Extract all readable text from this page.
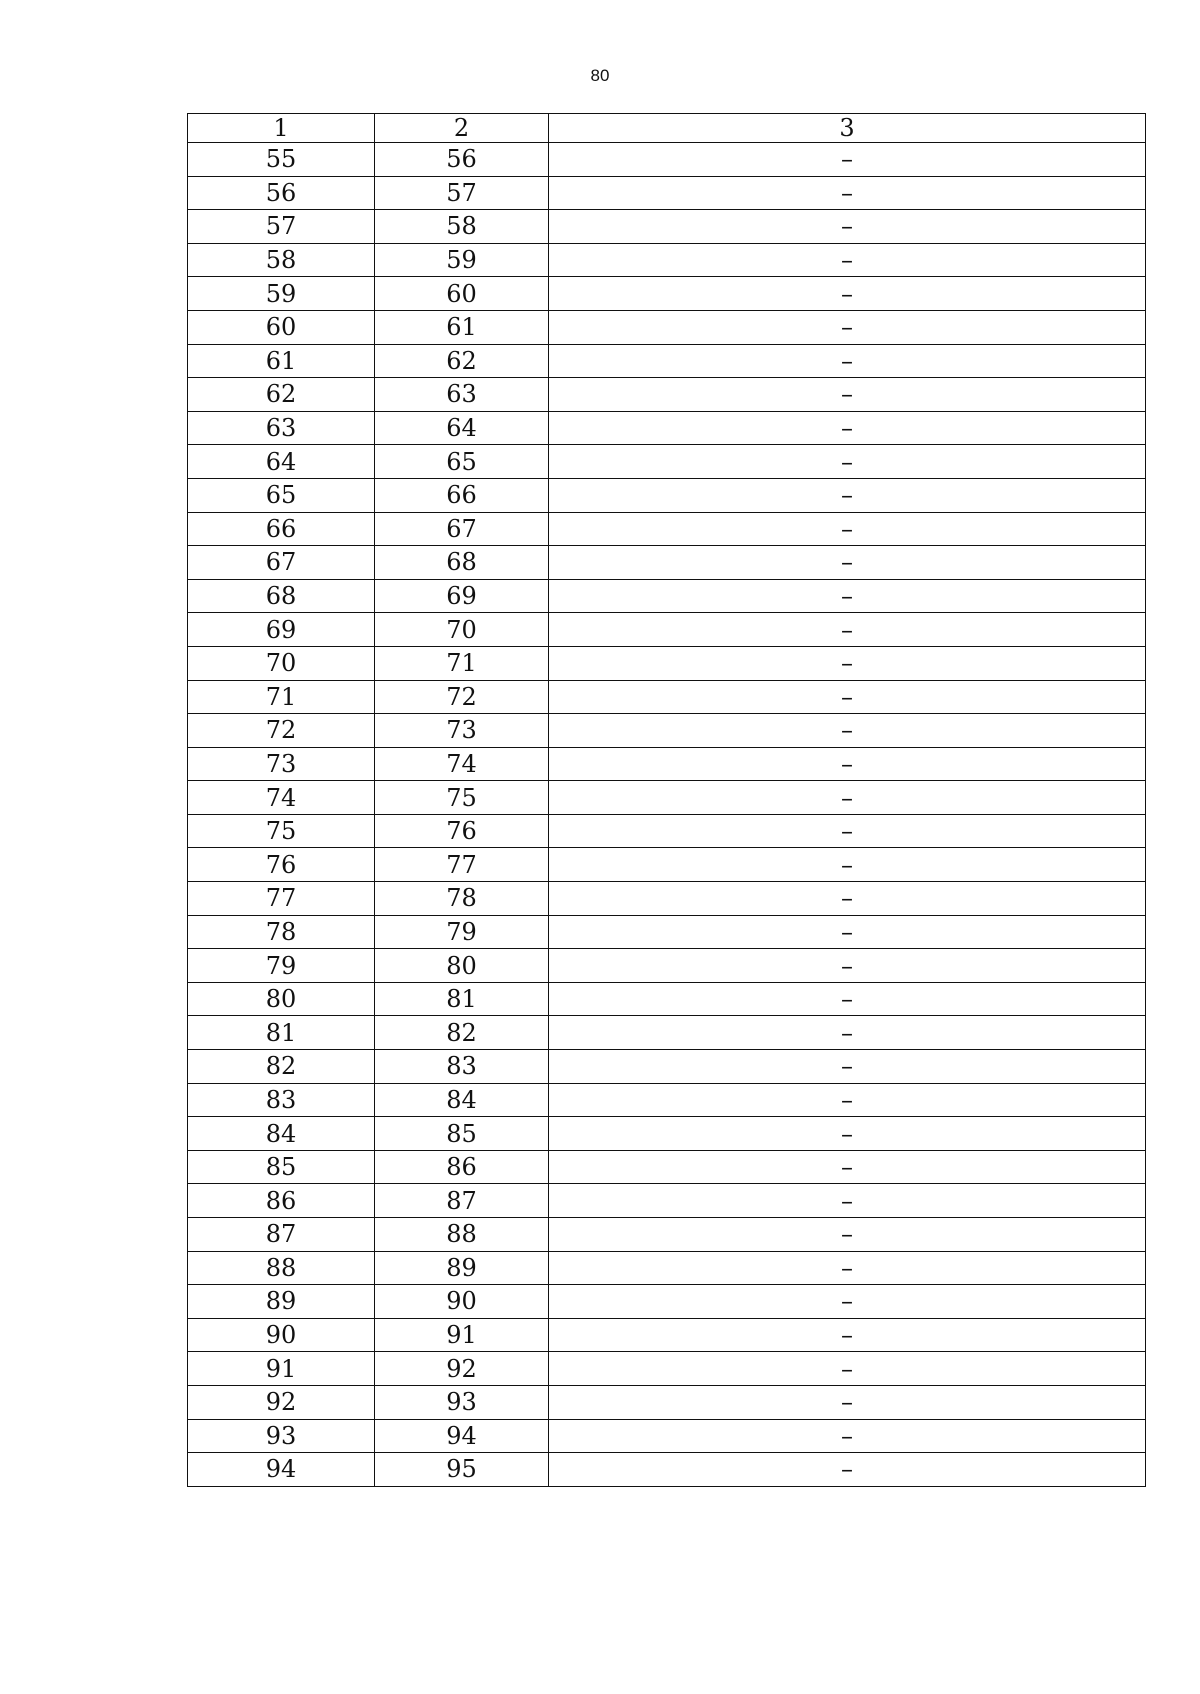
80
1	2	3
55	56	–
56	57	–
57	58	–
58	59	–
59	60	–
60	61	–
61	62	–
62	63	–
63	64	–
64	65	–
65	66	–
66	67	–
67	68	–
68	69	–
69	70	–
70	71	–
71	72	–
72	73	–
73	74	–
74	75	–
75	76	–
76	77	–
77	78	–
78	79	–
79	80	–
80	81	–
81	82	–
82	83	–
83	84	–
84	85	–
85	86	–
86	87	–
87	88	–
88	89	–
89	90	–
90	91	–
91	92	–
92	93	–
93	94	–
94	95	–
